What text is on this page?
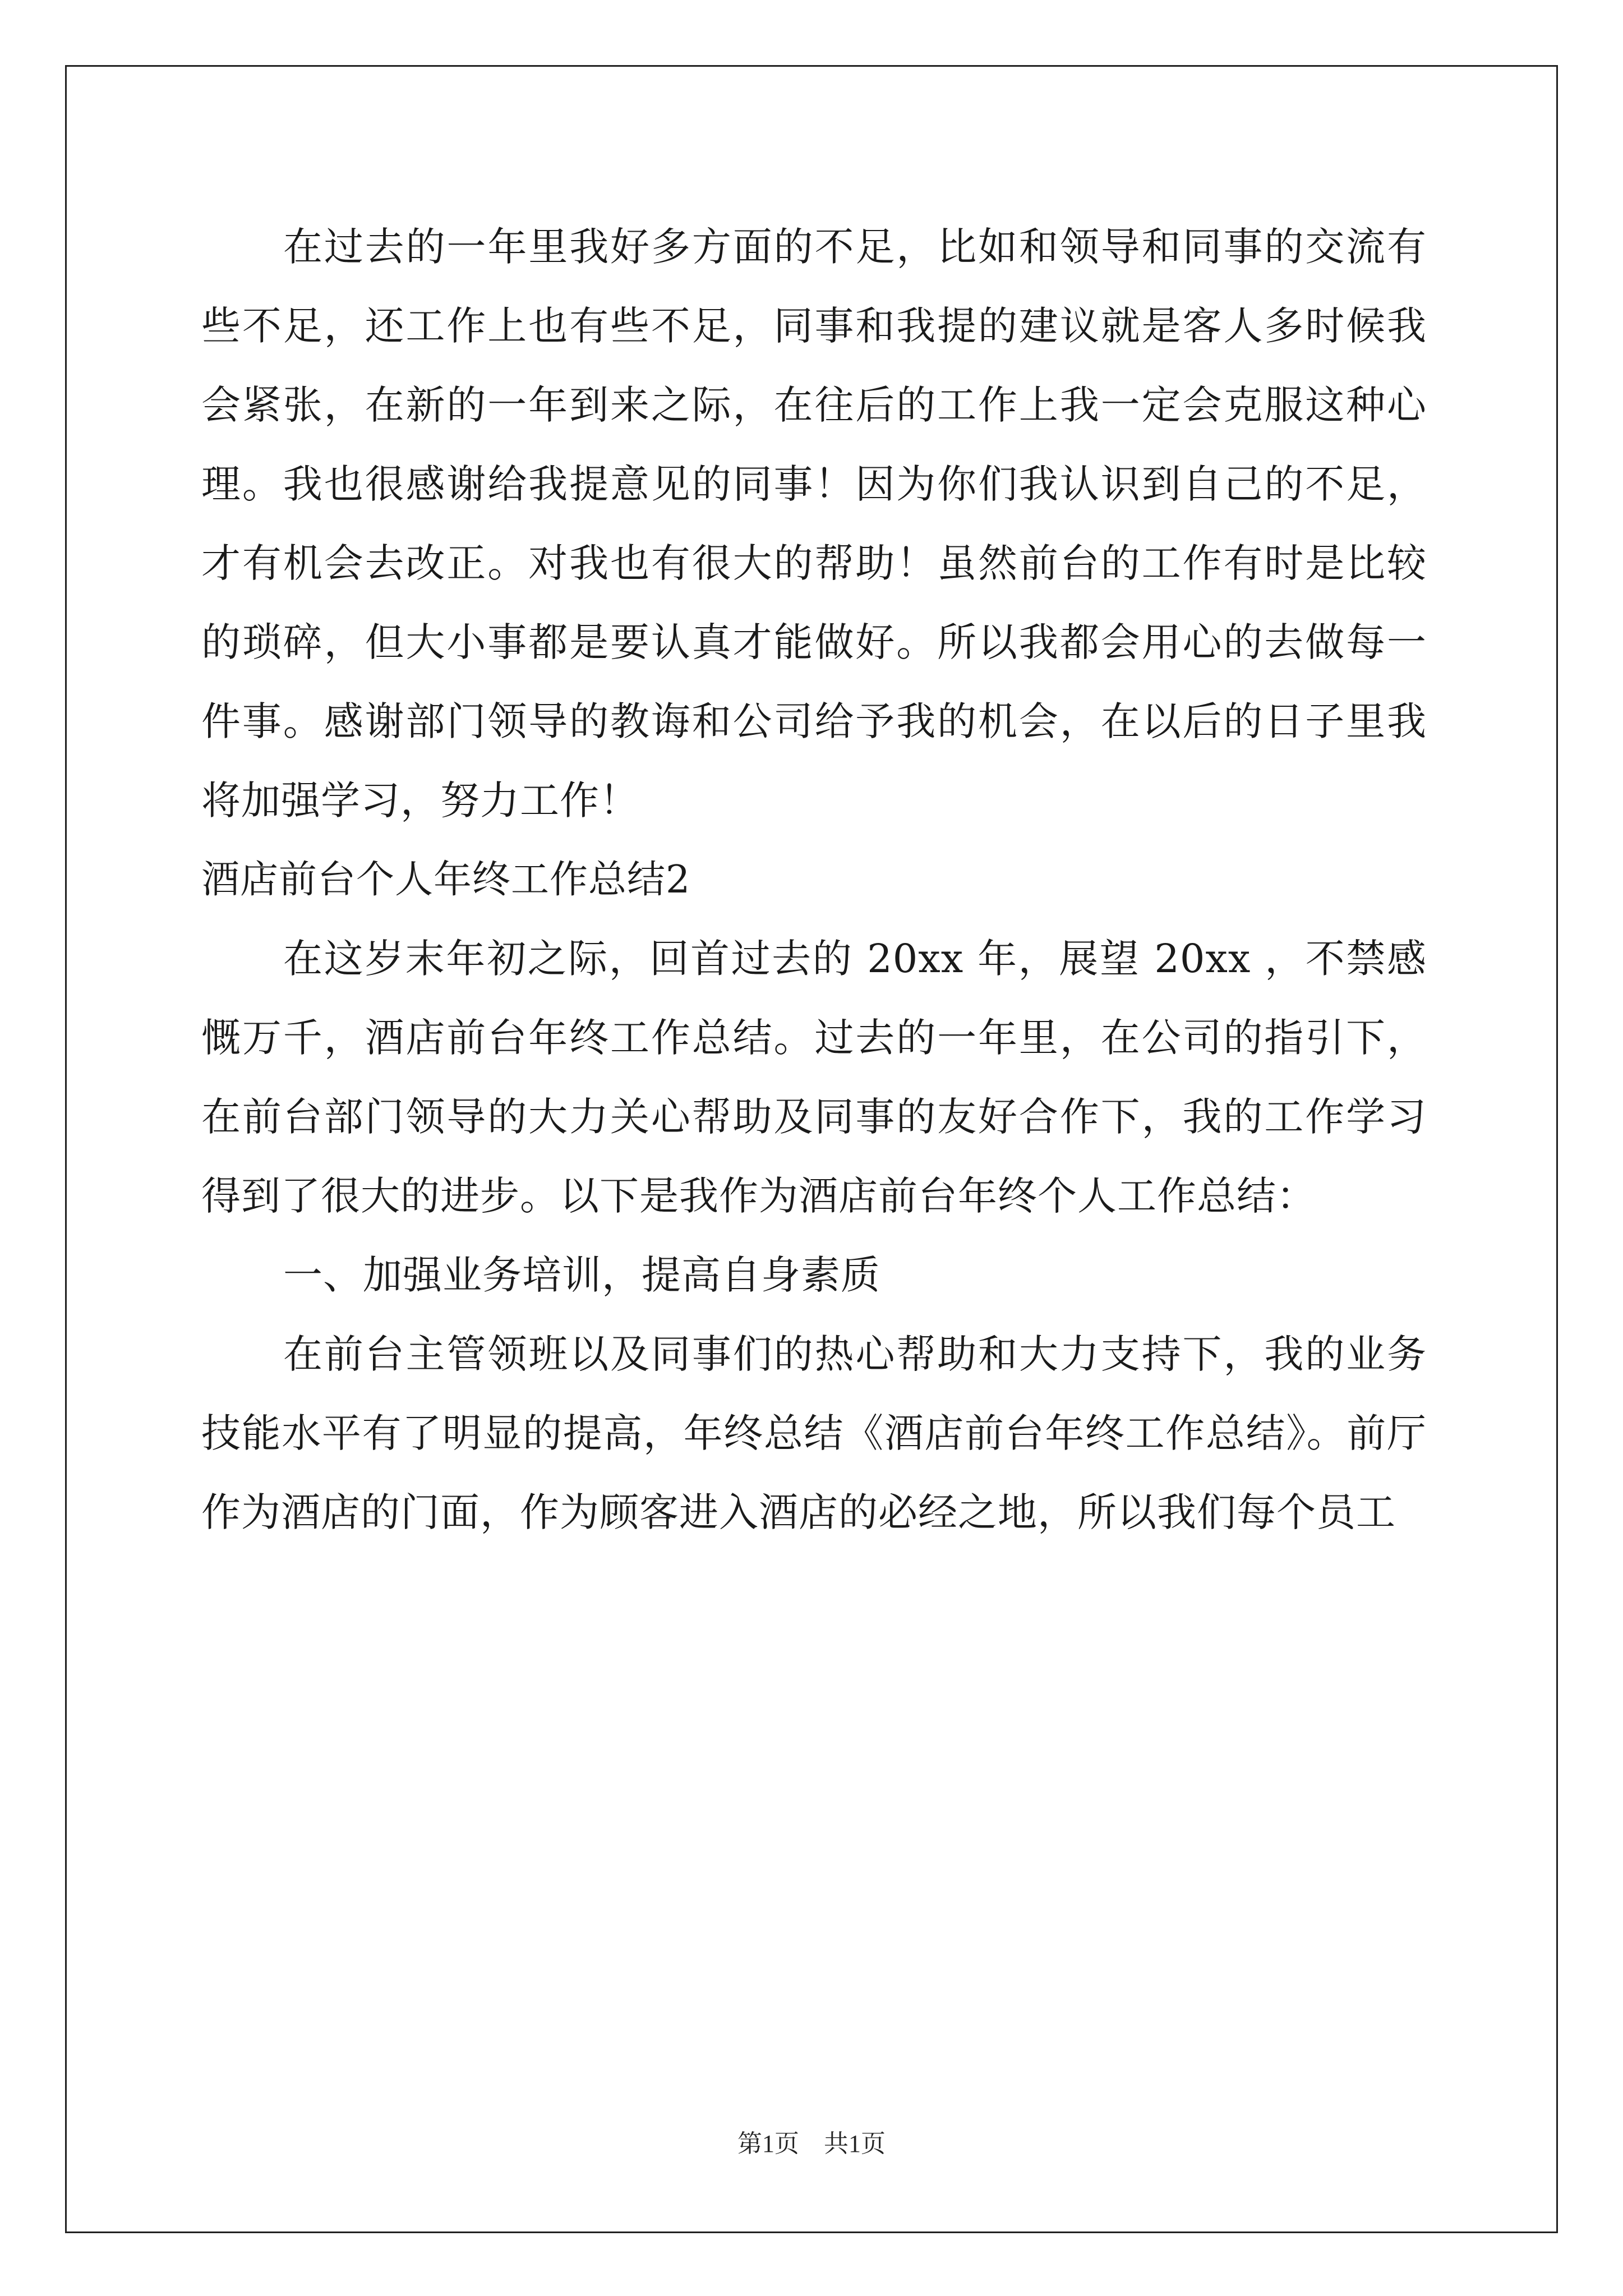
在过去的一年里我好多方面的不足，比如和领导和同事的交流有些不足，还工作上也有些不足，同事和我提的建议就是客人多时候我会紧张，在新的一年到来之际，在往后的工作上我一定会克服这种心理。我也很感谢给我提意见的同事！因为你们我认识到自己的不足，才有机会去改正。对我也有很大的帮助！虽然前台的工作有时是比较的琐碎，但大小事都是要认真才能做好。所以我都会用心的去做每一件事。感谢部门领导的教诲和公司给予我的机会，在以后的日子里我将加强学习，努力工作！

酒店前台个人年终工作总结2

在这岁末年初之际，回首过去的 20xx 年，展望 20xx ，不禁感慨万千，酒店前台年终工作总结。过去的一年里，在公司的指引下，在前台部门领导的大力关心帮助及同事的友好合作下，我的工作学习得到了很大的进步。以下是我作为酒店前台年终个人工作总结：

一、加强业务培训，提高自身素质

在前台主管领班以及同事们的热心帮助和大力支持下，我的业务技能水平有了明显的提高，年终总结《酒店前台年终工作总结》。前厅作为酒店的门面，作为顾客进入酒店的必经之地，所以我们每个员工

第1页　共1页
